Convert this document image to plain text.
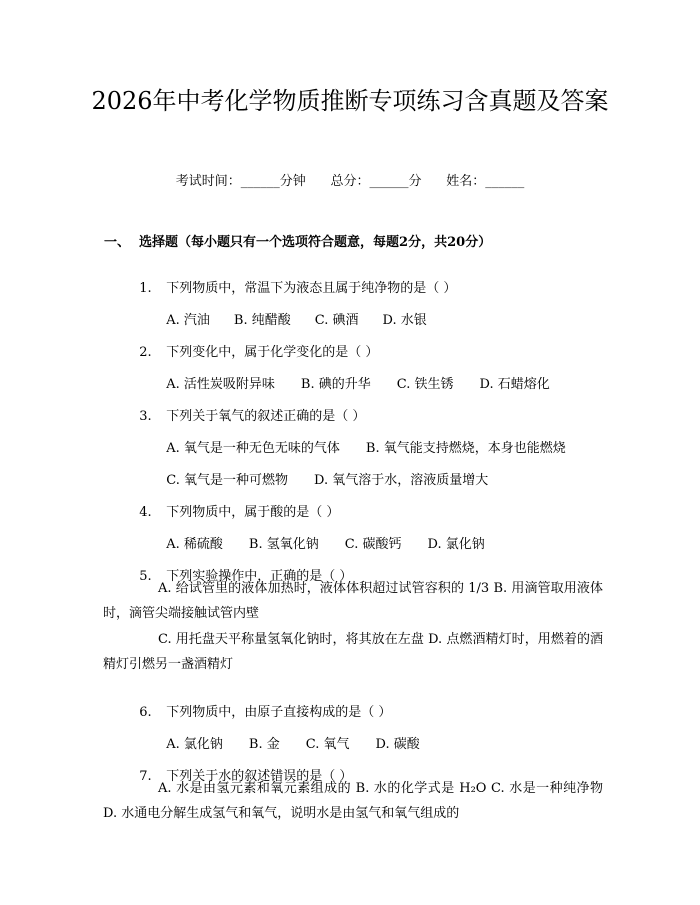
2026年中考化学物质推断专项练习含真题及答案
考试时间：______分钟      总分：______分      姓名：______
一、  选择题（每小题只有一个选项符合题意，每题2分，共20分）

1. 下列物质中，常温下为液态且属于纯净物的是（ ）

A. 汽油 B. 纯醋酸 C. 碘酒 D. 水银

2. 下列变化中，属于化学变化的是（ ）

A. 活性炭吸附异味 B. 碘的升华 C. 铁生锈 D. 石蜡熔化

3. 下列关于氧气的叙述正确的是（ ）

A. 氧气是一种无色无味的气体 B. 氧气能支持燃烧，本身也能燃烧

C. 氧气是一种可燃物 D. 氧气溶于水，溶液质量增大

4. 下列物质中，属于酸的是（ ）

A. 稀硫酸 B. 氢氧化钠 C. 碳酸钙 D. 氯化钠

5. 下列实验操作中，正确的是（ ）

A. 给试管里的液体加热时，液体体积超过试管容积的 1/3 B. 用滴管取用液体时，滴管尖端接触试管内壁

C. 用托盘天平称量氢氧化钠时，将其放在左盘 D. 点燃酒精灯时，用燃着的酒精灯引燃另一盏酒精灯

6. 下列物质中，由原子直接构成的是（ ）

A. 氯化钠 B. 金 C. 氧气 D. 碳酸

7. 下列关于水的叙述错误的是（ ）

A. 水是由氢元素和氧元素组成的 B. 水的化学式是 H₂O C. 水是一种纯净物 D. 水通电分解生成氢气和氧气，说明水是由氢气和氧气组成的
